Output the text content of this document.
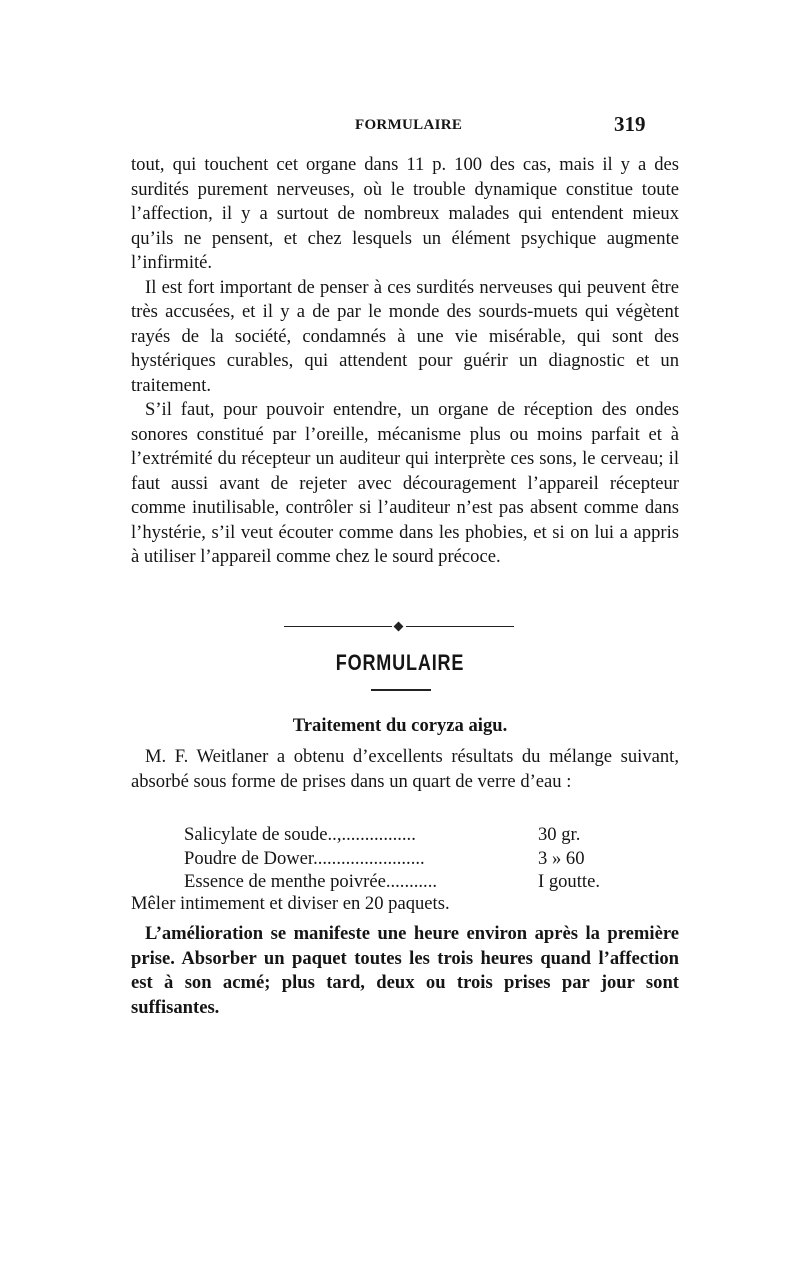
FORMULAIRE	319

tout, qui touchent cet organe dans 11 p. 100 des cas, mais il y a des surdités purement nerveuses, où le trouble dynamique constitue toute l’affection, il y a surtout de nombreux malades qui entendent mieux qu’ils ne pensent, et chez lesquels un élément psychique augmente l’infirmité.

Il est fort important de penser à ces surdités nerveuses qui peuvent être très accusées, et il y a de par le monde des sourds-muets qui végètent rayés de la société, condamnés à une vie misérable, qui sont des hystériques curables, qui attendent pour guérir un diagnostic et un traitement.

S’il faut, pour pouvoir entendre, un organe de réception des ondes sonores constitué par l’oreille, mécanisme plus ou moins parfait et à l’extrémité du récepteur un auditeur qui interprète ces sons, le cerveau; il faut aussi avant de rejeter avec découragement l’appareil récepteur comme inutilisable, contrôler si l’auditeur n’est pas absent comme dans l’hystérie, s’il veut écouter comme dans les phobies, et si on lui a appris à utiliser l’appareil comme chez le sourd précoce.

FORMULAIRE
Traitement du coryza aigu.

M. F. Weitlaner a obtenu d’excellents résultats du mélange suivant, absorbé sous forme de prises dans un quart de verre d’eau :

Salicylate de soude..,................	30 gr.
Poudre de Dower........................	3 » 60
Essence de menthe poivrée...........	I goutte.
Mêler intimement et diviser en 20 paquets.

L’amélioration se manifeste une heure environ après la première prise. Absorber un paquet toutes les trois heures quand l’affection est à son acmé; plus tard, deux ou trois prises par jour sont suffisantes.
